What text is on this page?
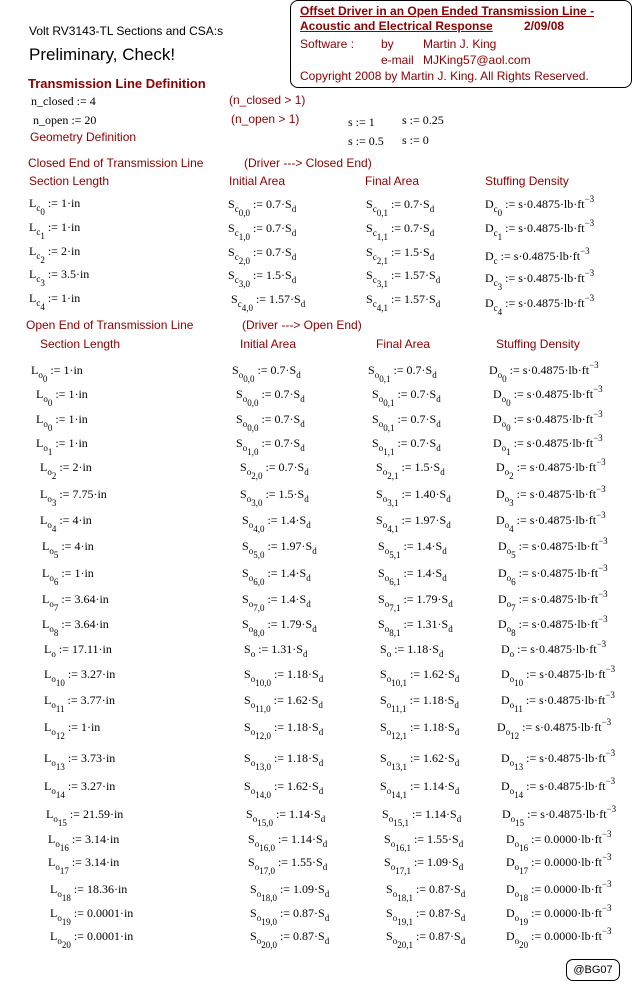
Offset Driver in an Open Ended Transmission Line -
Acoustic and Electrical Response	2/09/08
Software : by Martin J. King
e-mail MJKing57@aol.com
Copyright 2008 by Martin J. King. All Rights Reserved.
Volt RV3143-TL Sections and CSA:s
Preliminary, Check!
Transmission Line Definition
n_closed := 4	(n_closed > 1)
n_open := 20	(n_open > 1)	s := 1 s := 0.25
s := 0.5 s := 0
Geometry Definition
Closed End of Transmission Line	(Driver ---> Closed End)
Section Length	Initial Area	Final Area	Stuffing Density
$L_{c_0}$ := 1·in	$S_{c_{0,0}}$ := $0.7\cdot S_d$	$S_{c_{0,1}}$ := $0.7\cdot S_d$	$D_{c_0}$ := $s\cdot 0.4875\cdot lb\cdot ft^{-3}$
$L_{c_1}$ := 1·in	$S_{c_{1,0}}$ := $0.7\cdot S_d$	$S_{c_{1,1}}$ := $0.7\cdot S_d$	$D_{c_1}$ := $s\cdot 0.4875\cdot lb\cdot ft^{-3}$
$L_{c_2}$ := 2·in	$S_{c_{2,0}}$ := $0.7\cdot S_d$	$S_{c_{2,1}}$ := $1.5\cdot S_d$	$D_c$ := $s\cdot 0.4875\cdot lb\cdot ft^{-3}$
$L_{c_3}$ := 3.5·in	$S_{c_{3,0}}$ := $1.5\cdot S_d$	$S_{c_{3,1}}$ := $1.57\cdot S_d$	$D_{c_3}$ := $s\cdot 0.4875\cdot lb\cdot ft^{-3}$
$L_{c_4}$ := 1·in	$S_{c_{4,0}}$ := $1.57\cdot S_d$	$S_{c_{4,1}}$ := $1.57\cdot S_d$	$D_{c_4}$ := $s\cdot 0.4875\cdot lb\cdot ft^{-3}$
Open End of Transmission Line	(Driver ---> Open End)
Section Length	Initial Area	Final Area	Stuffing Density
$L_{o_0}$ := 1·in	$S_{o_{0,0}}$ := $0.7\cdot S_d$	$S_{o_{0,1}}$ := $0.7\cdot S_d$	$D_{o_0}$ := $s\cdot 0.4875\cdot lb\cdot ft^{-3}$
$L_{o_0}$ := 1·in	$S_{o_{0,0}}$ := $0.7\cdot S_d$	$S_{o_{0,1}}$ := $0.7\cdot S_d$	$D_{o_0}$ := $s\cdot 0.4875\cdot lb\cdot ft^{-3}$
$L_{o_0}$ := 1·in	$S_{o_{0,0}}$ := $0.7\cdot S_d$	$S_{o_{0,1}}$ := $0.7\cdot S_d$	$D_{o_0}$ := $s\cdot 0.4875\cdot lb\cdot ft^{-3}$
$L_{o_1}$ := 1·in	$S_{o_{1,0}}$ := $0.7\cdot S_d$	$S_{o_{1,1}}$ := $0.7\cdot S_d$	$D_{o_1}$ := $s\cdot 0.4875\cdot lb\cdot ft^{-3}$
$L_{o_2}$ := 2·in	$S_{o_{2,0}}$ := $0.7\cdot S_d$	$S_{o_{2,1}}$ := $1.5\cdot S_d$	$D_{o_2}$ := $s\cdot 0.4875\cdot lb\cdot ft^{-3}$
$L_{o_3}$ := 7.75·in	$S_{o_{3,0}}$ := $1.5\cdot S_d$	$S_{o_{3,1}}$ := $1.40\cdot S_d$	$D_{o_3}$ := $s\cdot 0.4875\cdot lb\cdot ft^{-3}$
$L_{o_4}$ := 4·in	$S_{o_{4,0}}$ := $1.4\cdot S_d$	$S_{o_{4,1}}$ := $1.97\cdot S_d$	$D_{o_4}$ := $s\cdot 0.4875\cdot lb\cdot ft^{-3}$
$L_{o_5}$ := 4·in	$S_{o_{5,0}}$ := $1.97\cdot S_d$	$S_{o_{5,1}}$ := $1.4\cdot S_d$	$D_{o_5}$ := $s\cdot 0.4875\cdot lb\cdot ft^{-3}$
$L_{o_6}$ := 1·in	$S_{o_{6,0}}$ := $1.4\cdot S_d$	$S_{o_{6,1}}$ := $1.4\cdot S_d$	$D_{o_6}$ := $s\cdot 0.4875\cdot lb\cdot ft^{-3}$
$L_{o_7}$ := 3.64·in	$S_{o_{7,0}}$ := $1.4\cdot S_d$	$S_{o_{7,1}}$ := $1.79\cdot S_d$	$D_{o_7}$ := $s\cdot 0.4875\cdot lb\cdot ft^{-3}$
$L_{o_8}$ := 3.64·in	$S_{o_{8,0}}$ := $1.79\cdot S_d$	$S_{o_{8,1}}$ := $1.31\cdot S_d$	$D_{o_8}$ := $s\cdot 0.4875\cdot lb\cdot ft^{-3}$
$L_o$ := 17.11·in	$S_o$ := $1.31\cdot S_d$	$S_o$ := $1.18\cdot S_d$	$D_o$ := $s\cdot 0.4875\cdot lb\cdot ft^{-3}$
$L_{o_{10}}$ := 3.27·in	$S_{o_{10,0}}$ := $1.18\cdot S_d$	$S_{o_{10,1}}$ := $1.62\cdot S_d$	$D_{o_{10}}$ := $s\cdot 0.4875\cdot lb\cdot ft^{-3}$
$L_{o_{11}}$ := 3.77·in	$S_{o_{11,0}}$ := $1.62\cdot S_d$	$S_{o_{11,1}}$ := $1.18\cdot S_d$	$D_{o_{11}}$ := $s\cdot 0.4875\cdot lb\cdot ft^{-3}$
$L_{o_{12}}$ := 1·in	$S_{o_{12,0}}$ := $1.18\cdot S_d$	$S_{o_{12,1}}$ := $1.18\cdot S_d$	$D_{o_{12}}$ := $s\cdot 0.4875\cdot lb\cdot ft^{-3}$
$L_{o_{13}}$ := 3.73·in	$S_{o_{13,0}}$ := $1.18\cdot S_d$	$S_{o_{13,1}}$ := $1.62\cdot S_d$	$D_{o_{13}}$ := $s\cdot 0.4875\cdot lb\cdot ft^{-3}$
$L_{o_{14}}$ := 3.27·in	$S_{o_{14,0}}$ := $1.62\cdot S_d$	$S_{o_{14,1}}$ := $1.14\cdot S_d$	$D_{o_{14}}$ := $s\cdot 0.4875\cdot lb\cdot ft^{-3}$
$L_{o_{15}}$ := 21.59·in	$S_{o_{15,0}}$ := $1.14\cdot S_d$	$S_{o_{15,1}}$ := $1.14\cdot S_d$	$D_{o_{15}}$ := $s\cdot 0.4875\cdot lb\cdot ft^{-3}$
$L_{o_{16}}$ := 3.14·in	$S_{o_{16,0}}$ := $1.14\cdot S_d$	$S_{o_{16,1}}$ := $1.55\cdot S_d$	$D_{o_{16}}$ := $0.0000\cdot lb\cdot ft^{-3}$
$L_{o_{17}}$ := 3.14·in	$S_{o_{17,0}}$ := $1.55\cdot S_d$	$S_{o_{17,1}}$ := $1.09\cdot S_d$	$D_{o_{17}}$ := $0.0000\cdot lb\cdot ft^{-3}$
$L_{o_{18}}$ := 18.36·in	$S_{o_{18,0}}$ := $1.09\cdot S_d$	$S_{o_{18,1}}$ := $0.87\cdot S_d$	$D_{o_{18}}$ := $0.0000\cdot lb\cdot ft^{-3}$
$L_{o_{19}}$ := 0.0001·in	$S_{o_{19,0}}$ := $0.87\cdot S_d$	$S_{o_{19,1}}$ := $0.87\cdot S_d$	$D_{o_{19}}$ := $0.0000\cdot lb\cdot ft^{-3}$
$L_{o_{20}}$ := 0.0001·in	$S_{o_{20,0}}$ := $0.87\cdot S_d$	$S_{o_{20,1}}$ := $0.87\cdot S_d$	$D_{o_{20}}$ := $0.0000\cdot lb\cdot ft^{-3}$
@BG07
